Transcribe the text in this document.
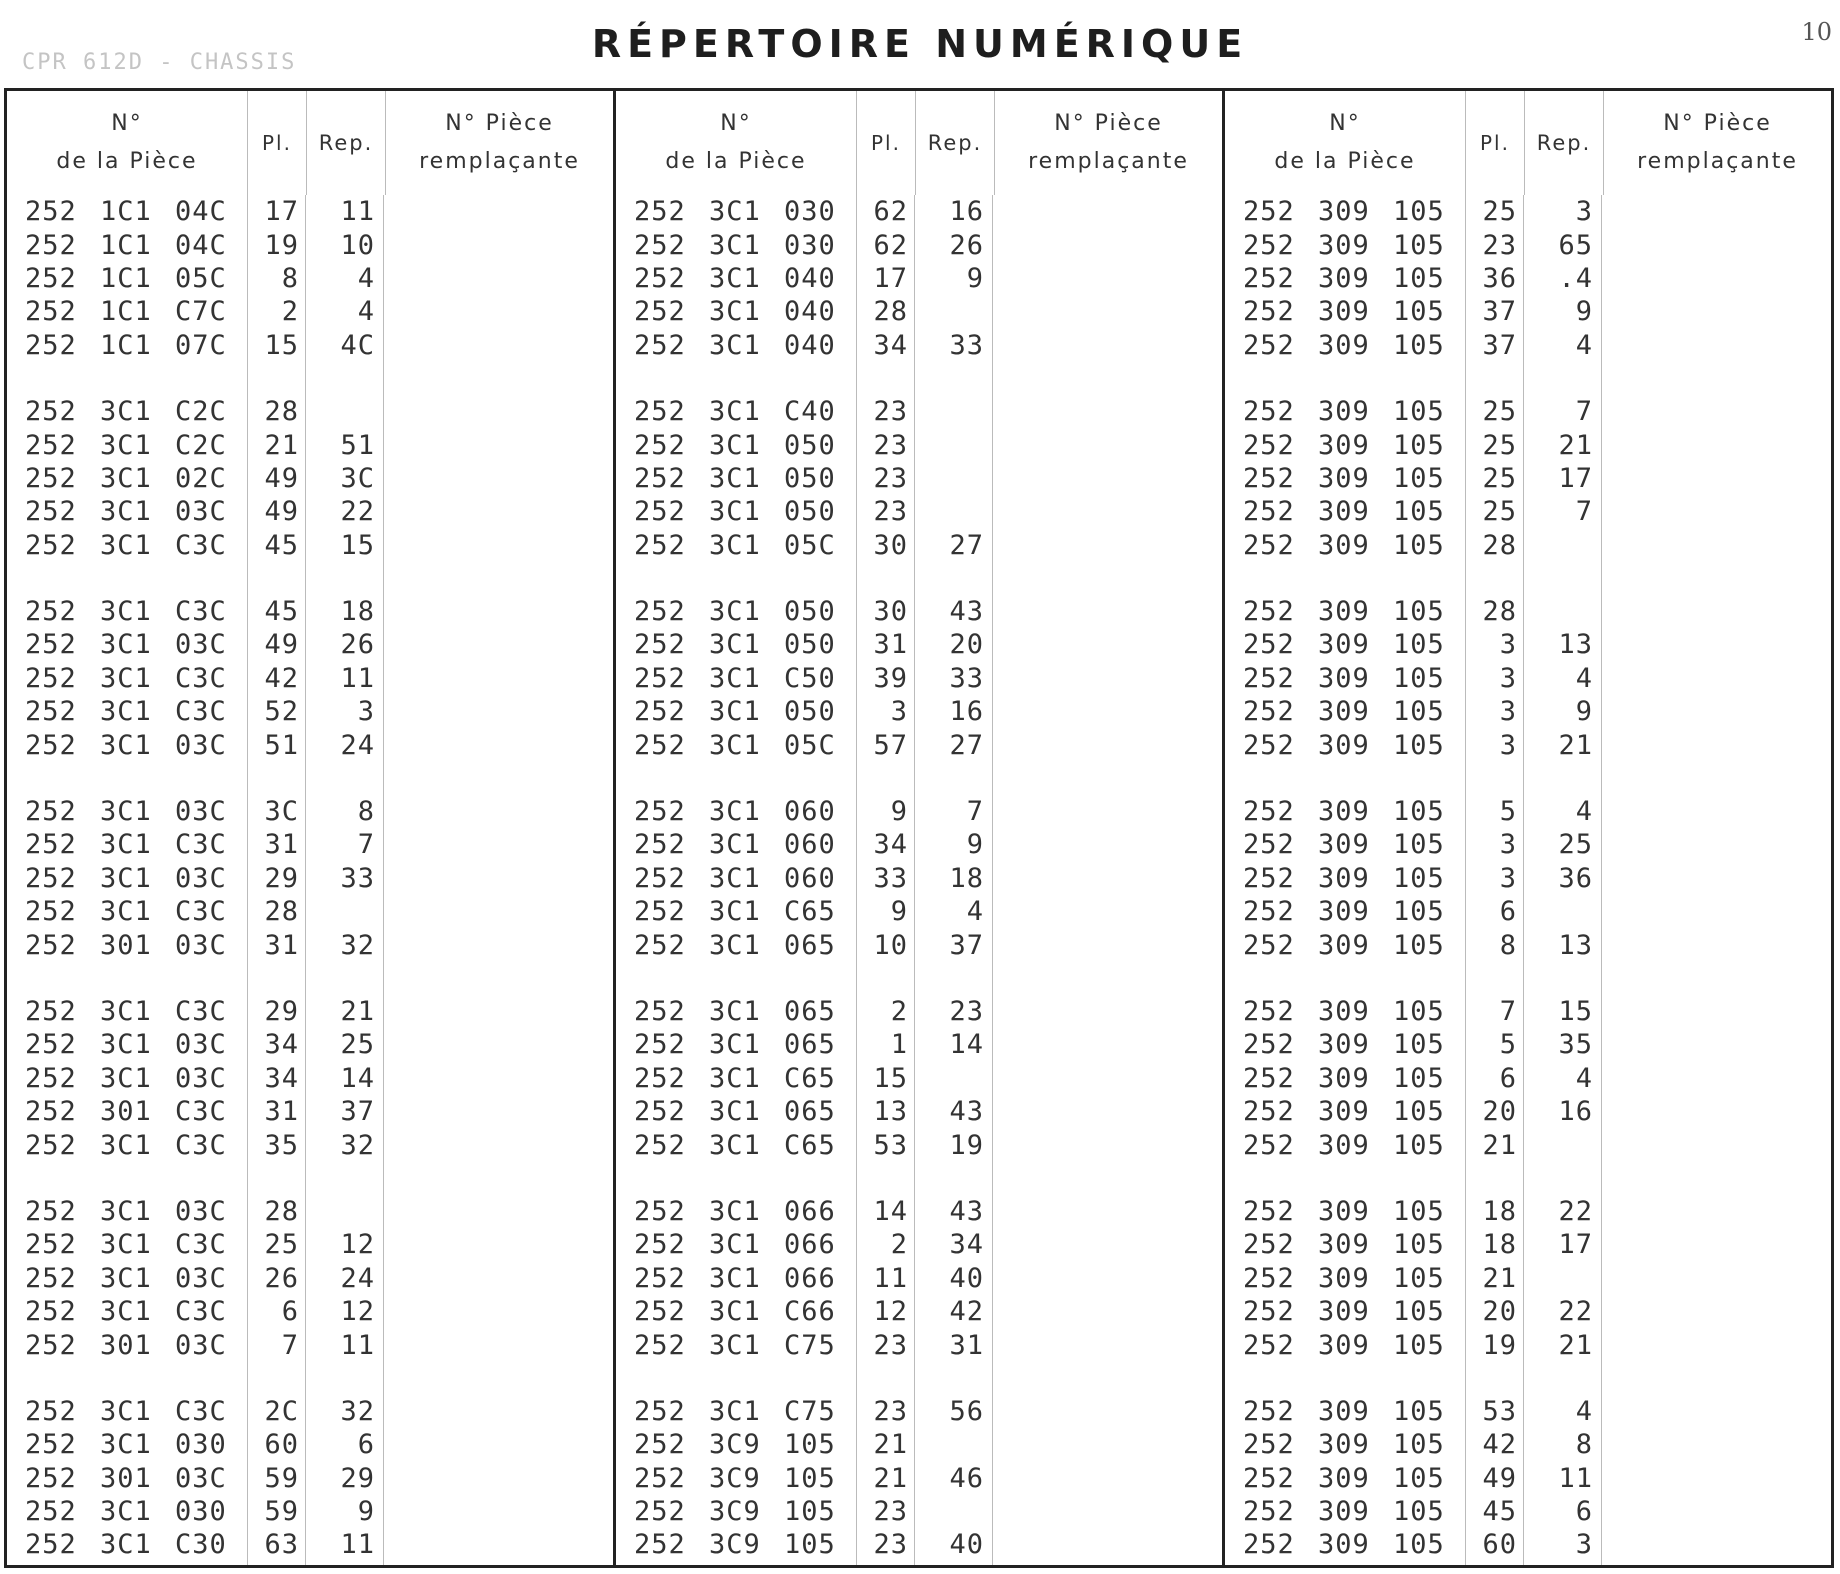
CPR 612D - CHASSIS	RÉPERTOIRE NUMÉRIQUE	10
N°
de la Pièce
Pl.	Rep.
N° Pièce
remplaçante
252 1C1 04C	17	11
252 1C1 04C	19	10
252 1C1 05C	8	4
252 1C1 C7C	2	4
252 1C1 07C	15	4C
252 3C1 C2C	28
252 3C1 C2C	21	51
252 3C1 02C	49	3C
252 3C1 03C	49	22
252 3C1 C3C	45	15
252 3C1 C3C	45	18
252 3C1 03C	49	26
252 3C1 C3C	42	11
252 3C1 C3C	52	3
252 3C1 03C	51	24
252 3C1 03C	3C	8
252 3C1 C3C	31	7
252 3C1 03C	29	33
252 3C1 C3C	28
252 301 03C	31	32
252 3C1 C3C	29	21
252 3C1 03C	34	25
252 3C1 03C	34	14
252 301 C3C	31	37
252 3C1 C3C	35	32
252 3C1 03C	28
252 3C1 C3C	25	12
252 3C1 03C	26	24
252 3C1 C3C	6	12
252 301 03C	7	11
252 3C1 C3C	2C	32
252 3C1 030	60	6
252 301 03C	59	29
252 3C1 030	59	9
252 3C1 C30	63	11
N°
de la Pièce
Pl.	Rep.
N° Pièce
remplaçante
252 3C1 030	62	16
252 3C1 030	62	26
252 3C1 040	17	9
252 3C1 040	28
252 3C1 040	34	33
252 3C1 C40	23
252 3C1 050	23
252 3C1 050	23
252 3C1 050	23
252 3C1 05C	30	27
252 3C1 050	30	43
252 3C1 050	31	20
252 3C1 C50	39	33
252 3C1 050	3	16
252 3C1 05C	57	27
252 3C1 060	9	7
252 3C1 060	34	9
252 3C1 060	33	18
252 3C1 C65	9	4
252 3C1 065	10	37
252 3C1 065	2	23
252 3C1 065	1	14
252 3C1 C65	15
252 3C1 065	13	43
252 3C1 C65	53	19
252 3C1 066	14	43
252 3C1 066	2	34
252 3C1 066	11	40
252 3C1 C66	12	42
252 3C1 C75	23	31
252 3C1 C75	23	56
252 3C9 105	21
252 3C9 105	21	46
252 3C9 105	23
252 3C9 105	23	40
N°
de la Pièce
Pl.	Rep.
N° Pièce
remplaçante
252 309 105	25	3
252 309 105	23	65
252 309 105	36	.4
252 309 105	37	9
252 309 105	37	4
252 309 105	25	7
252 309 105	25	21
252 309 105	25	17
252 309 105	25	7
252 309 105	28
252 309 105	28
252 309 105	3	13
252 309 105	3	4
252 309 105	3	9
252 309 105	3	21
252 309 105	5	4
252 309 105	3	25
252 309 105	3	36
252 309 105	6
252 309 105	8	13
252 309 105	7	15
252 309 105	5	35
252 309 105	6	4
252 309 105	20	16
252 309 105	21
252 309 105	18	22
252 309 105	18	17
252 309 105	21
252 309 105	20	22
252 309 105	19	21
252 309 105	53	4
252 309 105	42	8
252 309 105	49	11
252 309 105	45	6
252 309 105	60	3
